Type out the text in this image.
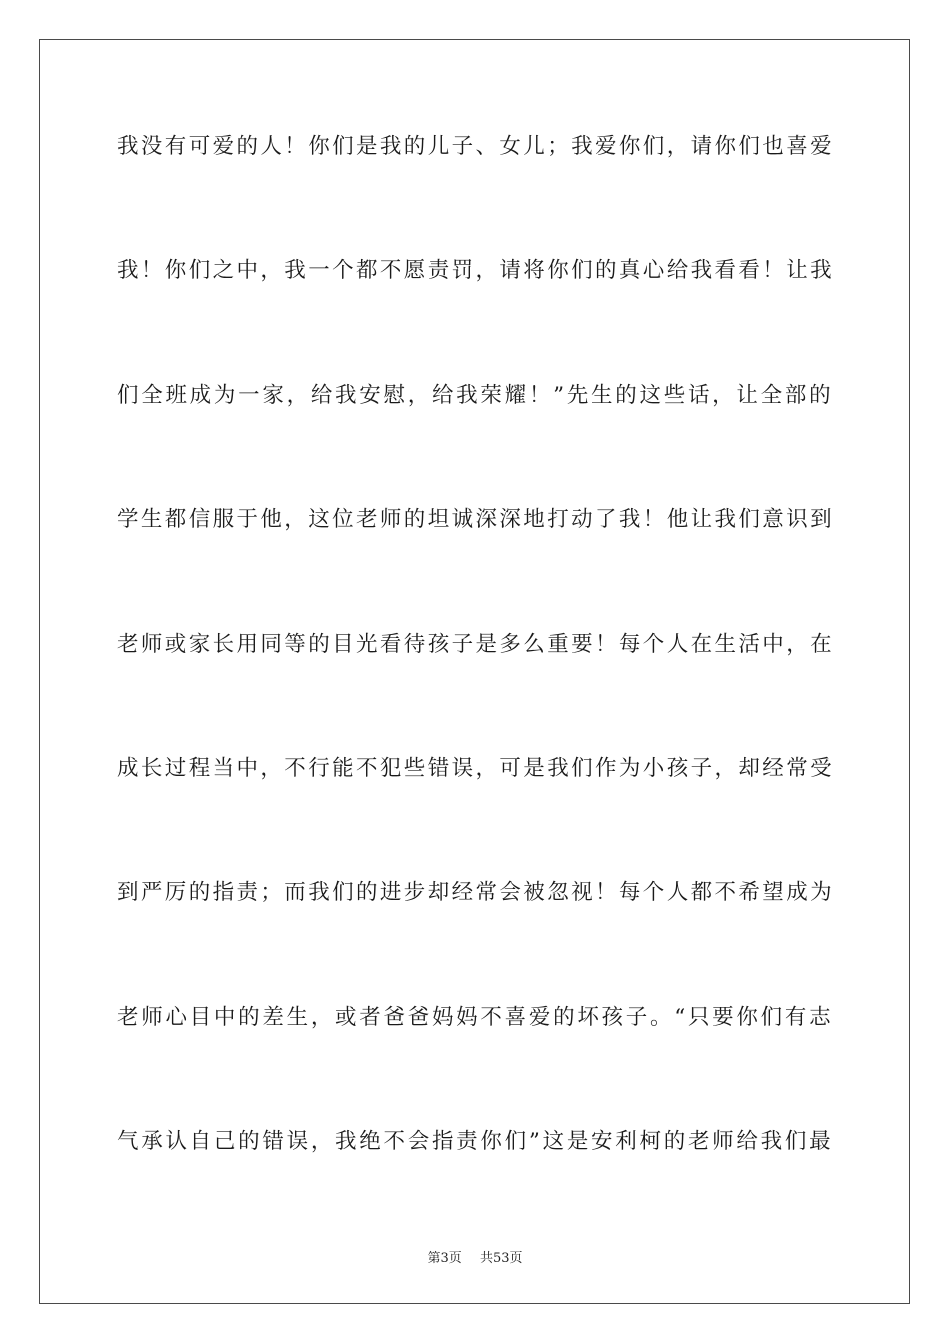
我没有可爱的人！你们是我的儿子、女儿；我爱你们，请你们也喜爱
我！你们之中，我一个都不愿责罚，请将你们的真心给我看看！让我
们全班成为一家，给我安慰，给我荣耀！”先生的这些话，让全部的
学生都信服于他，这位老师的坦诚深深地打动了我！他让我们意识到
老师或家长用同等的目光看待孩子是多么重要！每个人在生活中，在
成长过程当中，不行能不犯些错误，可是我们作为小孩子，却经常受
到严厉的指责；而我们的进步却经常会被忽视！每个人都不希望成为
老师心目中的差生，或者爸爸妈妈不喜爱的坏孩子。“只要你们有志
气承认自己的错误，我绝不会指责你们”这是安利柯的老师给我们最
第3页 共53页
